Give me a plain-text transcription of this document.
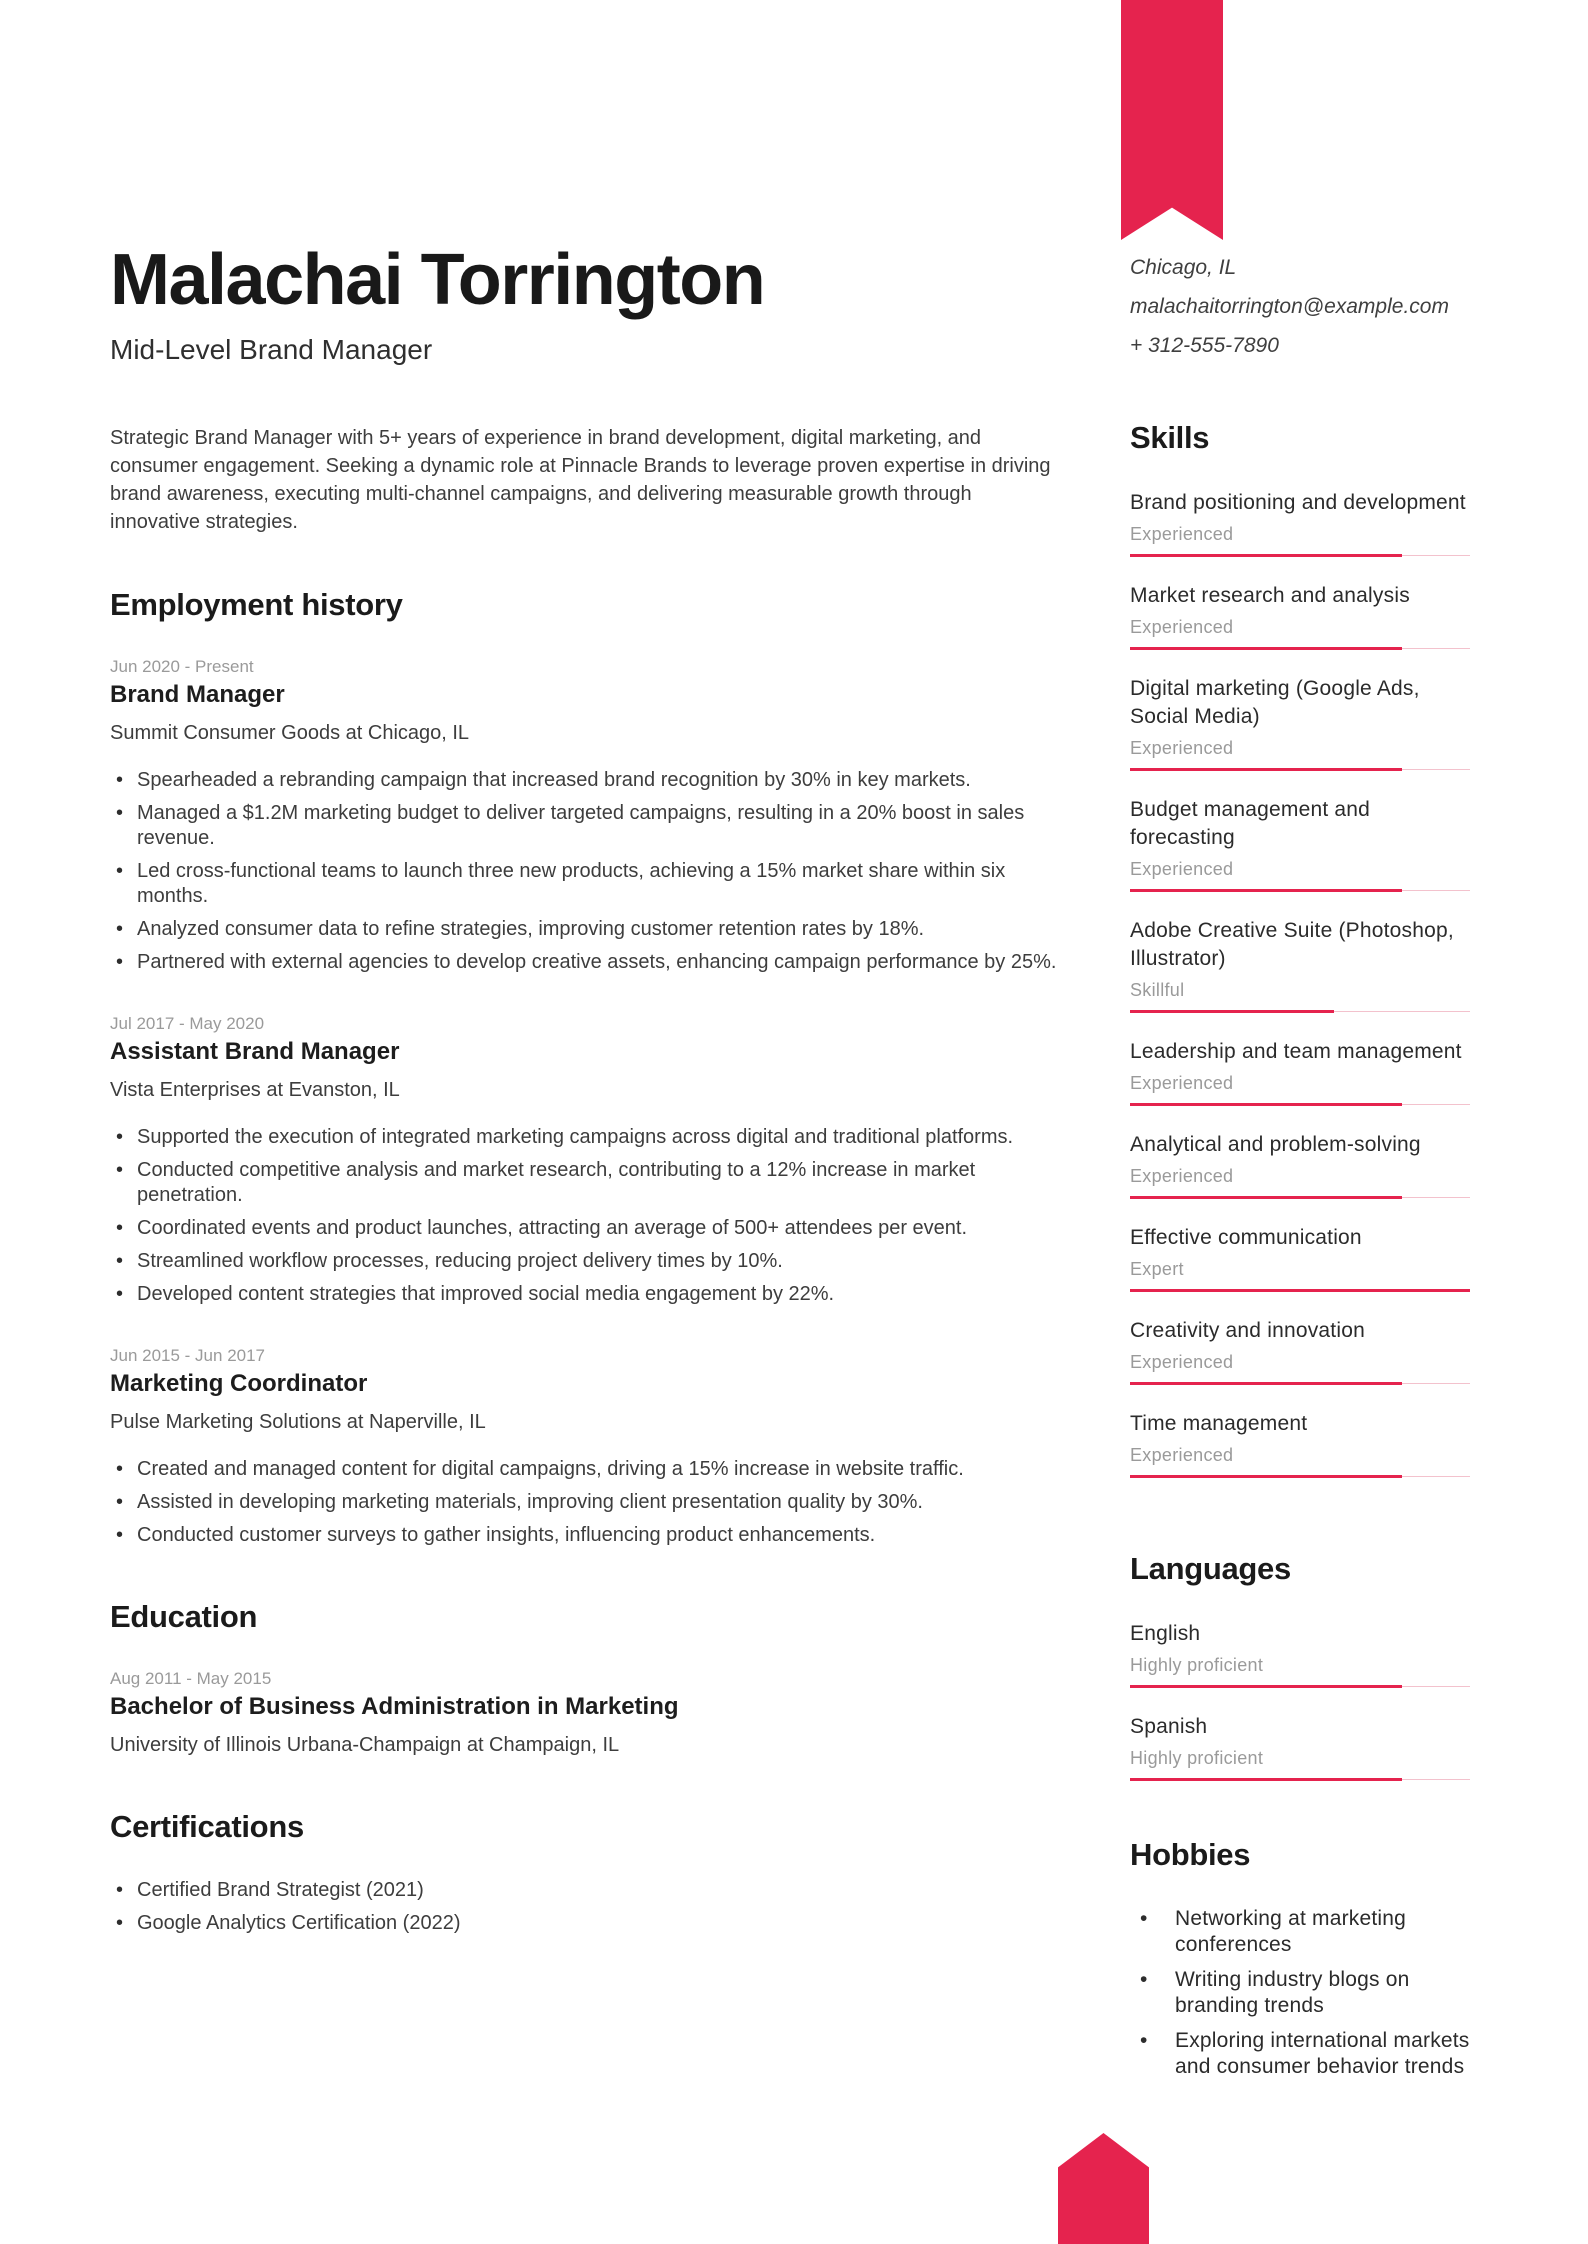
Malachai Torrington
Mid-Level Brand Manager

Strategic Brand Manager with 5+ years of experience in brand development, digital marketing, and consumer engagement. Seeking a dynamic role at Pinnacle Brands to leverage proven expertise in driving brand awareness, executing multi-channel campaigns, and delivering measurable growth through innovative strategies.

Employment history
Jun 2020 - Present
Brand Manager
Summit Consumer Goods at Chicago, IL
• Spearheaded a rebranding campaign that increased brand recognition by 30% in key markets.
• Managed a $1.2M marketing budget to deliver targeted campaigns, resulting in a 20% boost in sales revenue.
• Led cross-functional teams to launch three new products, achieving a 15% market share within six months.
• Analyzed consumer data to refine strategies, improving customer retention rates by 18%.
• Partnered with external agencies to develop creative assets, enhancing campaign performance by 25%.
Jul 2017 - May 2020
Assistant Brand Manager
Vista Enterprises at Evanston, IL
• Supported the execution of integrated marketing campaigns across digital and traditional platforms.
• Conducted competitive analysis and market research, contributing to a 12% increase in market penetration.
• Coordinated events and product launches, attracting an average of 500+ attendees per event.
• Streamlined workflow processes, reducing project delivery times by 10%.
• Developed content strategies that improved social media engagement by 22%.
Jun 2015 - Jun 2017
Marketing Coordinator
Pulse Marketing Solutions at Naperville, IL
• Created and managed content for digital campaigns, driving a 15% increase in website traffic.
• Assisted in developing marketing materials, improving client presentation quality by 30%.
• Conducted customer surveys to gather insights, influencing product enhancements.
Education
Aug 2011 - May 2015
Bachelor of Business Administration in Marketing
University of Illinois Urbana-Champaign at Champaign, IL
Certifications
• Certified Brand Strategist (2021)
• Google Analytics Certification (2022)
Chicago, IL
malachaitorrington@example.com
+ 312-555-7890
Skills
Brand positioning and development
Experienced
Market research and analysis
Experienced
Digital marketing (Google Ads, Social Media)
Experienced
Budget management and forecasting
Experienced
Adobe Creative Suite (Photoshop, Illustrator)
Skillful
Leadership and team management
Experienced
Analytical and problem-solving
Experienced
Effective communication
Expert
Creativity and innovation
Experienced
Time management
Experienced
Languages
English
Highly proficient
Spanish
Highly proficient
Hobbies
• Networking at marketing conferences
• Writing industry blogs on branding trends
• Exploring international markets and consumer behavior trends
